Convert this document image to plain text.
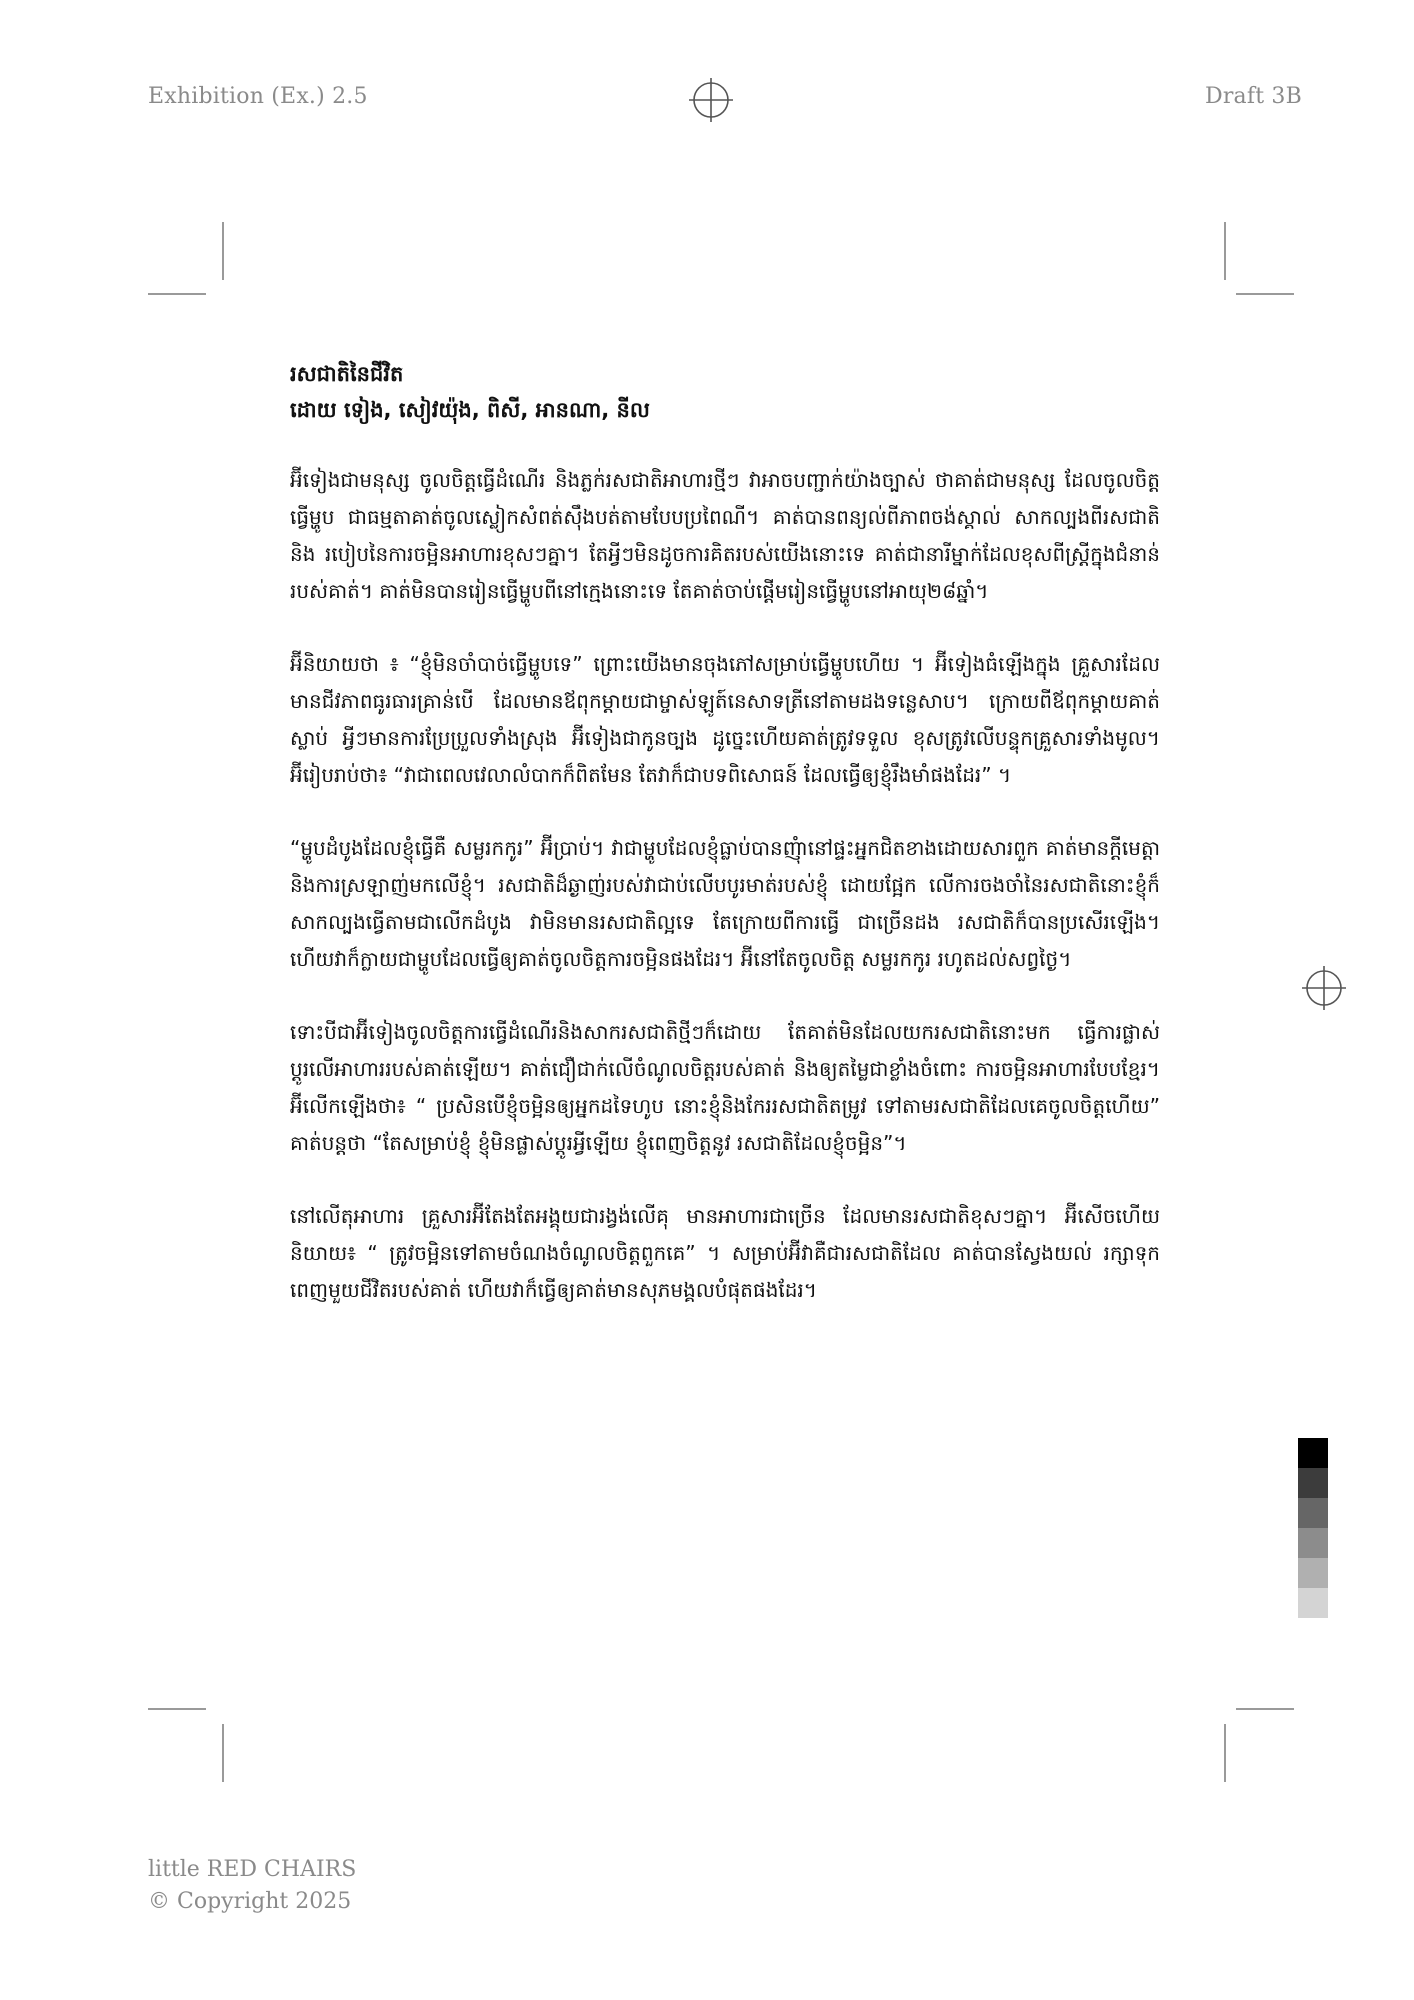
Exhibition (Ex.) 2.5	Draft 3B

រសជាតិនៃជីវិត

ដោយ ទៀង, សៀវយ៉ុង, ពិសី, អានណា, នីល

អ៊ីទៀងជាមនុស្ស ចូលចិត្តធ្វើដំណើរ និងភ្លក់រសជាតិអាហារថ្មីៗ វាអាចបញ្ជាក់យ៉ាងច្បាស់ ថាគាត់ជាមនុស្ស ដែលចូលចិត្តធ្វើម្ហូប ជាធម្មតាគាត់ចូលស្លៀកសំពត់ស៊ឹងបត់តាមបែបប្រពៃណី។ គាត់បានពន្យល់ពីភាពចង់ស្គាល់ សាកល្បងពីរសជាតិនិង របៀបនៃការចម្អិនអាហារខុសៗគ្នា។ តែអ្វីៗមិនដូចការគិតរបស់យើងនោះទេ គាត់ជានារីម្នាក់ដែលខុសពីស្ត្រីក្នុងជំនាន់របស់គាត់។ គាត់មិនបានរៀនធ្វើម្ហូបពីនៅក្មេងនោះទេ តែគាត់ចាប់ផ្តើមរៀនធ្វើម្ហូបនៅអាយុ២៨ឆ្នាំ។

អ៊ីនិយាយថា ៖ “ខ្ញុំមិនចាំបាច់ធ្វើម្ហូបទេ” ព្រោះយើងមានចុងភៅសម្រាប់ធ្វើម្ហូបហើយ ។ អ៊ីទៀងធំឡើងក្នុង គ្រួសារដែលមានជីវភាពធូរធារគ្រាន់បើ ដែលមានឪពុកម្តាយជាម្ចាស់ឡូត៍នេសាទត្រីនៅតាមដងទន្លេសាប។ ក្រោយពីឪពុកម្តាយគាត់ស្លាប់ អ្វីៗមានការប្រែប្រួលទាំងស្រុង អ៊ីទៀងជាកូនច្បង ដូច្នេះហើយគាត់ត្រូវទទួល ខុសត្រូវលើបន្ទុកគ្រួសារទាំងមូល។ អ៊ីរៀបរាប់ថា៖ “វាជាពេលវេលាលំបាកក៏ពិតមែន តែវាក៏ជាបទពិសោធន៍ ដែលធ្វើឲ្យខ្ញុំរឹងមាំផងដែរ” ។

“ម្ហូបដំបូងដែលខ្ញុំធ្វើគឺ សម្លរកកូរ” អ៊ីប្រាប់។ វាជាម្ហូបដែលខ្ញុំធ្លាប់បានញុំានៅផ្ទះអ្នកជិតខាងដោយសារពួក គាត់មានក្តីមេត្តានិងការស្រឡាញ់មកលើខ្ញុំ។ រសជាតិដ៏ឆ្ងាញ់របស់វាជាប់លើបបូរមាត់របស់ខ្ញុំ ដោយផ្អែក លើការចងចាំនៃរសជាតិនោះខ្ញុំក៏សាកល្បងធ្វើតាមជាលើកដំបូង វាមិនមានរសជាតិល្អទេ តែក្រោយពីការធ្វើ ជាច្រើនដង រសជាតិក៏បានប្រសើរឡើង។ ហើយវាក៏ក្លាយជាម្ហូបដែលធ្វើឲ្យគាត់ចូលចិត្តការចម្អិនផងដែរ។ អ៊ីនៅតែចូលចិត្ត សម្លរកកូរ រហូតដល់សព្វថ្ងៃ។

ទោះបីជាអ៊ីទៀងចូលចិត្តការធ្វើដំណើរនិងសាករសជាតិថ្មីៗក៏ដោយ តែគាត់មិនដែលយករសជាតិនោះមក ធ្វើការផ្លាស់ប្តូរលើអាហាររបស់គាត់ឡើយ។ គាត់ជឿជាក់លើចំណូលចិត្តរបស់គាត់ និងឲ្យតម្លៃជាខ្លាំងចំពោះ ការចម្អិនអាហារបែបខ្មែរ។ អ៊ីលើកឡើងថា៖ “ ប្រសិនបើខ្ញុំចម្អិនឲ្យអ្នកដទៃហូប នោះខ្ញុំនិងកែររសជាតិតម្រូវ ទៅតាមរសជាតិដែលគេចូលចិត្តហើយ” គាត់បន្តថា “តែសម្រាប់ខ្ញុំ ខ្ញុំមិនផ្លាស់ប្តូរអ្វីឡើយ ខ្ញុំពេញចិត្តនូវ រសជាតិដែលខ្ញុំចម្អិន”។

នៅលើតុអាហារ គ្រួសារអ៊ីតែងតែអង្គុយជារង្វង់លើគុ មានអាហារជាច្រើន ដែលមានរសជាតិខុសៗគ្នា។ អ៊ីសើចហើយនិយាយ៖ “ ត្រូវចម្អិនទៅតាមចំណងចំណូលចិត្តពួកគេ” ។ សម្រាប់អ៊ីវាគឺជារសជាតិដែល គាត់បានស្វែងយល់ រក្សាទុកពេញមួយជីវិតរបស់គាត់ ហើយវាក៏ធ្វើឲ្យគាត់មានសុភមង្គលបំផុតផងដែរ។

little RED CHAIRS
© Copyright 2025
